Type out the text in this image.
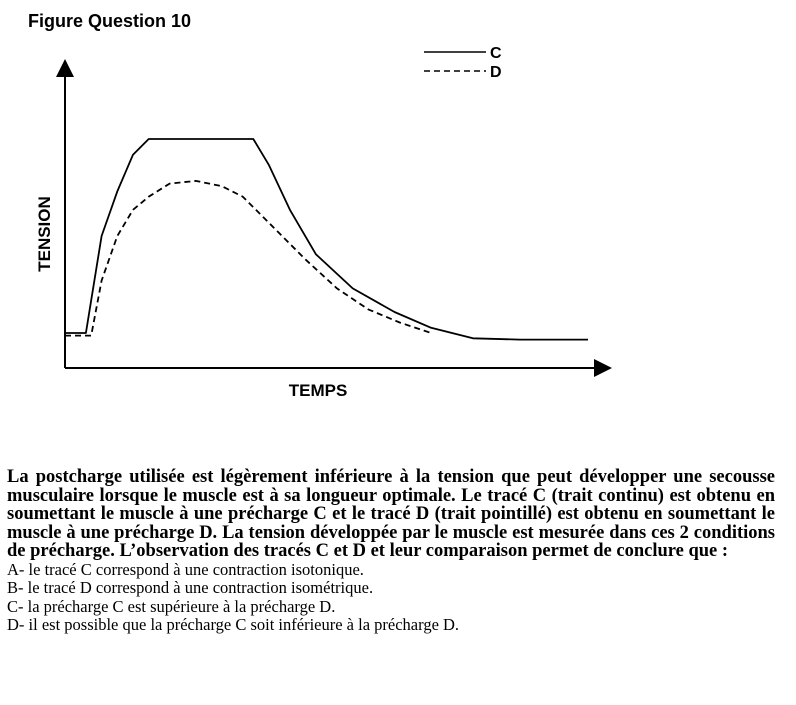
Figure Question 10
TENSION
TEMPS
C
D

La postcharge utilisée est légèrement inférieure à la tension que peut développer une secousse musculaire lorsque le muscle est à sa longueur optimale. Le tracé C (trait continu) est obtenu en soumettant le muscle à une précharge C et le tracé D (trait pointillé) est obtenu en soumettant le muscle à une précharge D. La tension développée par le muscle est mesurée dans ces 2 conditions de précharge. L’observation des tracés C et D et leur comparaison permet de conclure que :

A- le tracé C correspond à une contraction isotonique.
B- le tracé D correspond à une contraction isométrique.
C- la précharge C est supérieure à la précharge D.
D- il est possible que la précharge C soit inférieure à la précharge D.
